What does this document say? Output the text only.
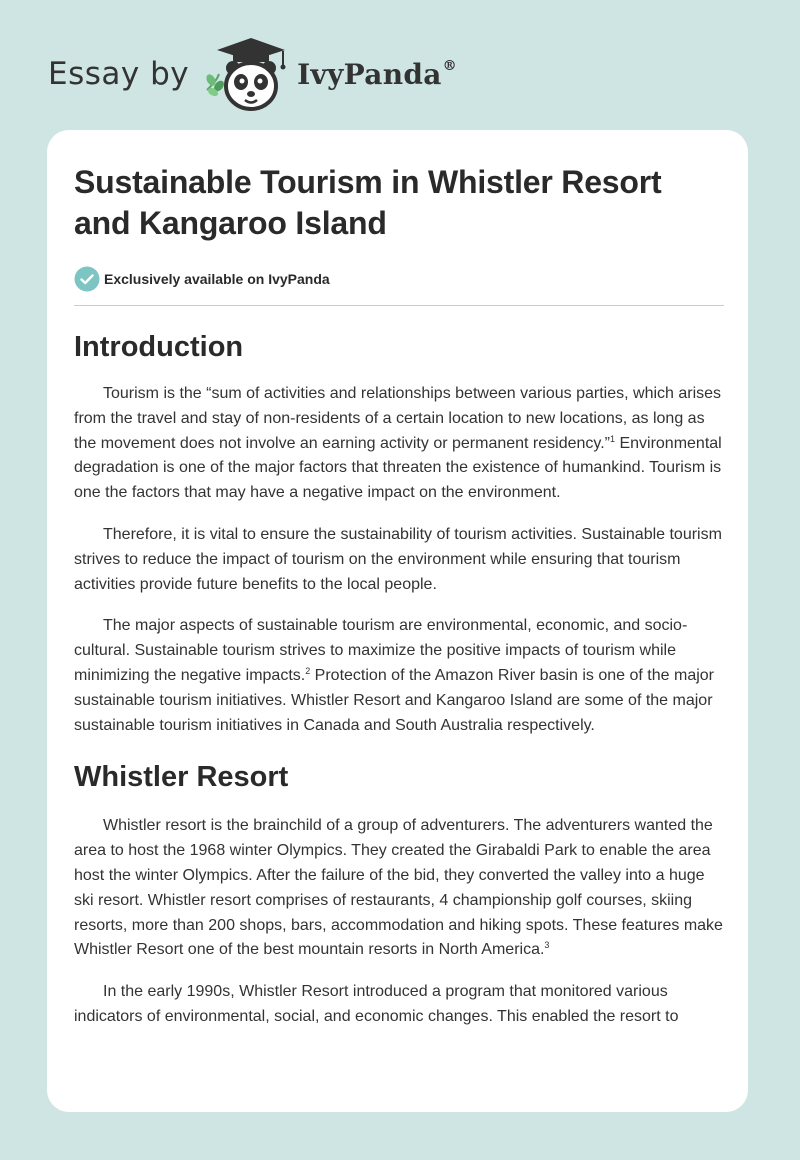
Essay by	IvyPanda®
Sustainable Tourism in Whistler Resort and Kangaroo Island
Exclusively available on IvyPanda
Introduction

Tourism is the “sum of activities and relationships between various parties, which arises from the travel and stay of non-residents of a certain location to new locations, as long as the movement does not involve an earning activity or permanent residency.”$^1$ Environmental degradation is one of the major factors that threaten the existence of humankind. Tourism is one the factors that may have a negative impact on the environment.

Therefore, it is vital to ensure the sustainability of tourism activities. Sustainable tourism strives to reduce the impact of tourism on the environment while ensuring that tourism activities provide future benefits to the local people.

The major aspects of sustainable tourism are environmental, economic, and socio-cultural. Sustainable tourism strives to maximize the positive impacts of tourism while minimizing the negative impacts.$^2$ Protection of the Amazon River basin is one of the major sustainable tourism initiatives. Whistler Resort and Kangaroo Island are some of the major sustainable tourism initiatives in Canada and South Australia respectively.

Whistler Resort

Whistler resort is the brainchild of a group of adventurers. The adventurers wanted the area to host the 1968 winter Olympics. They created the Girabaldi Park to enable the area host the winter Olympics. After the failure of the bid, they converted the valley into a huge ski resort. Whistler resort comprises of restaurants, 4 championship golf courses, skiing resorts, more than 200 shops, bars, accommodation and hiking spots. These features make Whistler Resort one of the best mountain resorts in North America.$^3$

In the early 1990s, Whistler Resort introduced a program that monitored various indicators of environmental, social, and economic changes. This enabled the resort to
